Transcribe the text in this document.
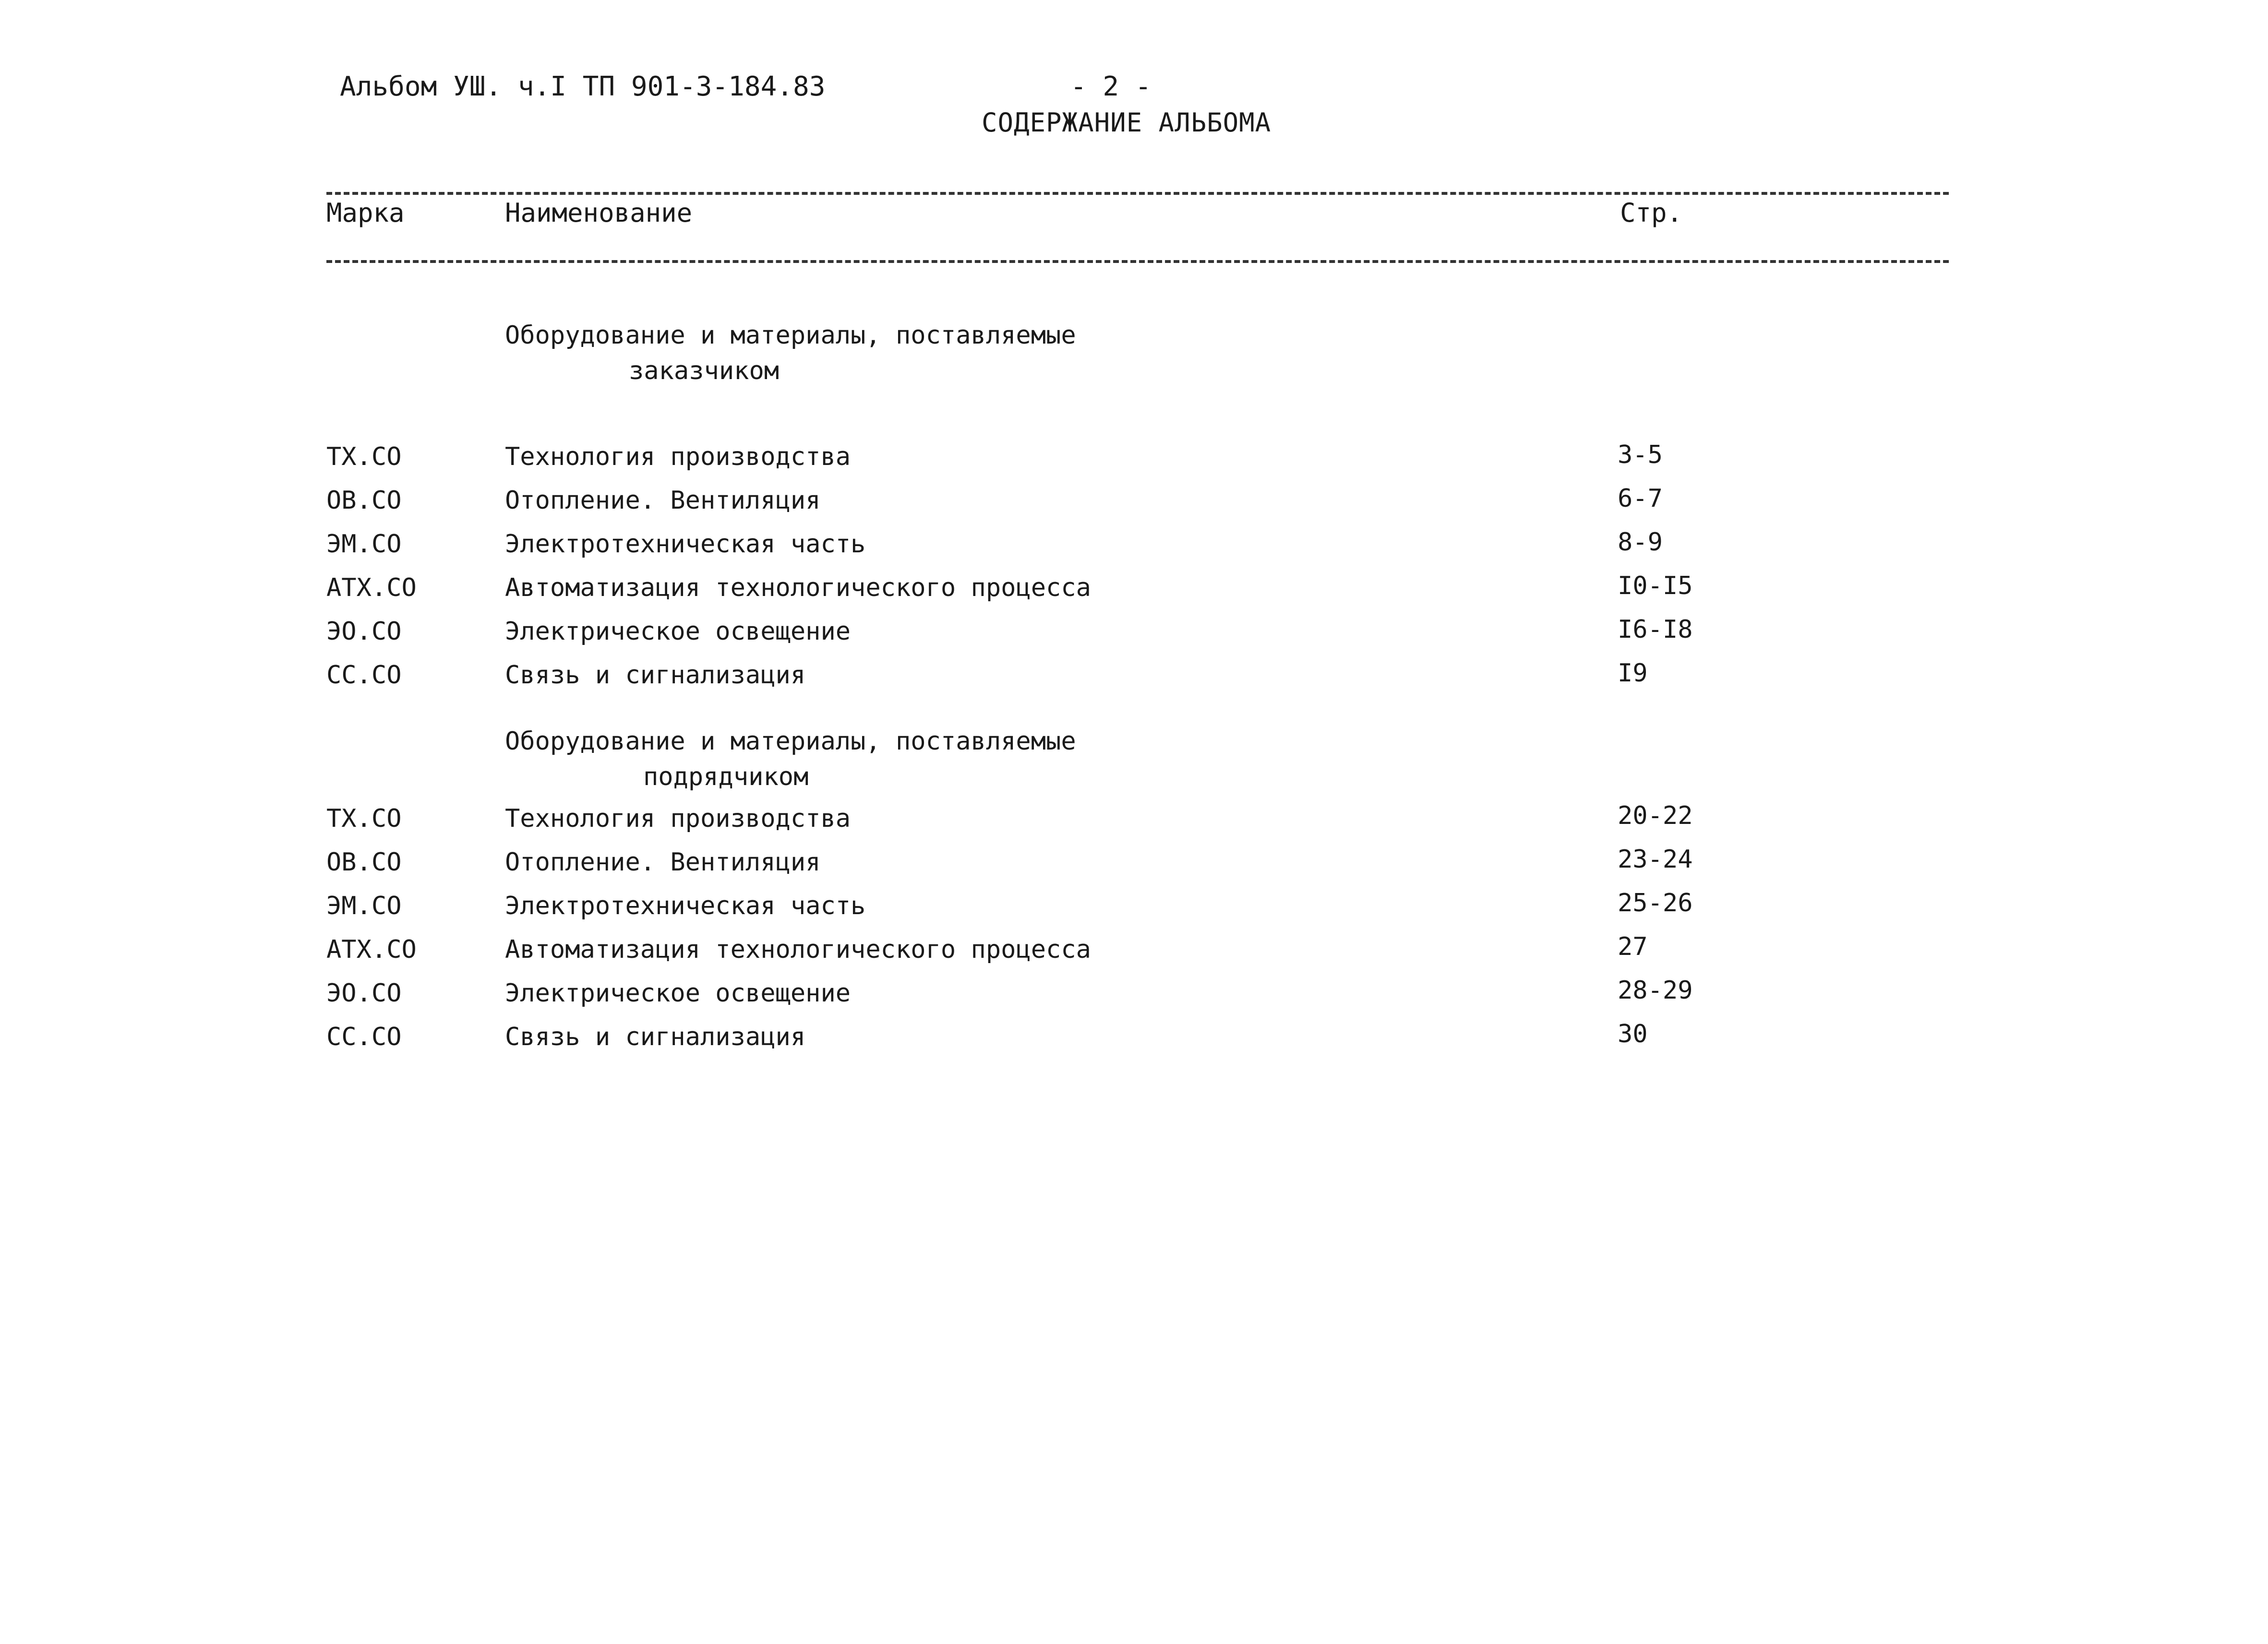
Альбом УШ. ч.I ТП 901-3-184.83	- 2 -
СОДЕРЖАНИЕ АЛЬБОМА
Марка	Наименование	Стр.
Оборудование и материалы, поставляемые
заказчиком
ТХ.СО	Технология производства	3-5
ОВ.СО	Отопление. Вентиляция	6-7
ЭМ.СО	Электротехническая часть	8-9
АТХ.СО	Автоматизация технологического процесса	I0-I5
ЭО.СО	Электрическое освещение	I6-I8
СС.СО	Связь и сигнализация	I9
Оборудование и материалы, поставляемые
подрядчиком
ТХ.СО	Технология производства	20-22
ОВ.СО	Отопление. Вентиляция	23-24
ЭМ.СО	Электротехническая часть	25-26
АТХ.СО	Автоматизация технологического процесса	27
ЭО.СО	Электрическое освещение	28-29
СС.СО	Связь и сигнализация	30
